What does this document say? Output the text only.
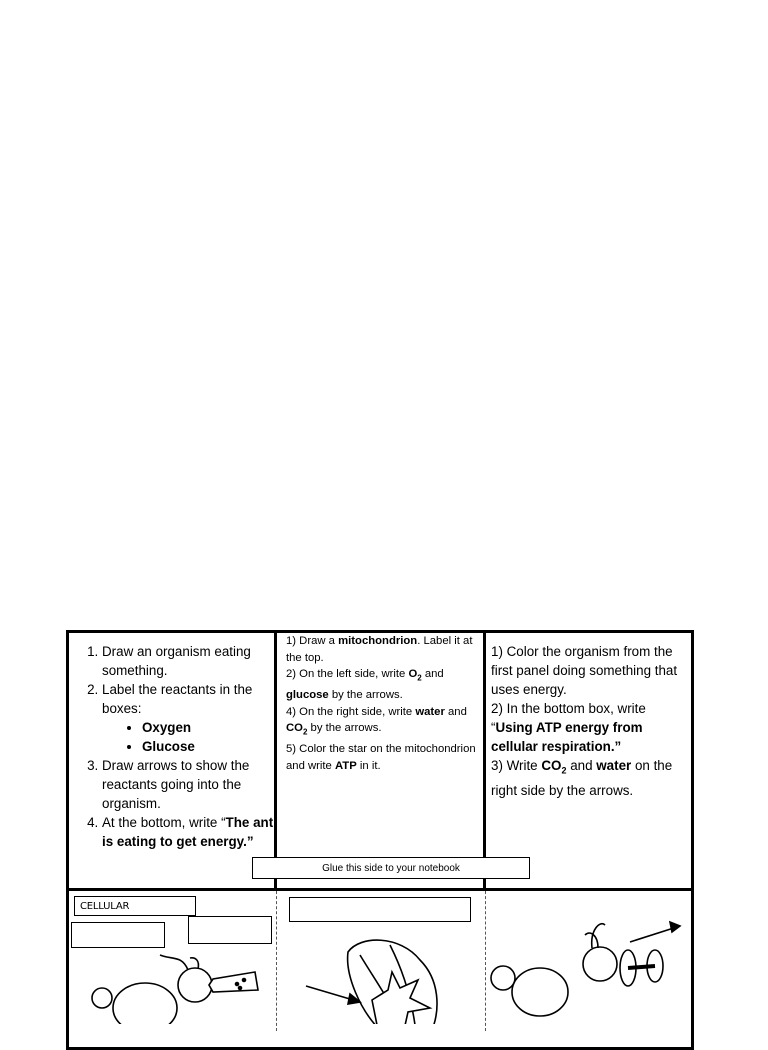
1. Draw an organism eating something.
2. Label the reactants in the boxes:
• Oxygen
• Glucose
3. Draw arrows to show the reactants going into the organism.
4. At the bottom, write “The ant is eating to get energy.”

1) Draw a mitochondrion. Label it at the top.

2) On the left side, write $O_2$ and glucose by the arrows.

4) On the right side, write water and $CO_2$ by the arrows.

5) Color the star on the mitochondrion and write ATP in it.

1) Color the organism from the first panel doing something that uses energy.

2) In the bottom box, write “Using ATP energy from cellular respiration.”

3) Write $CO_2$ and water on the right side by the arrows.

Glue this side to your notebook
CELLULAR
